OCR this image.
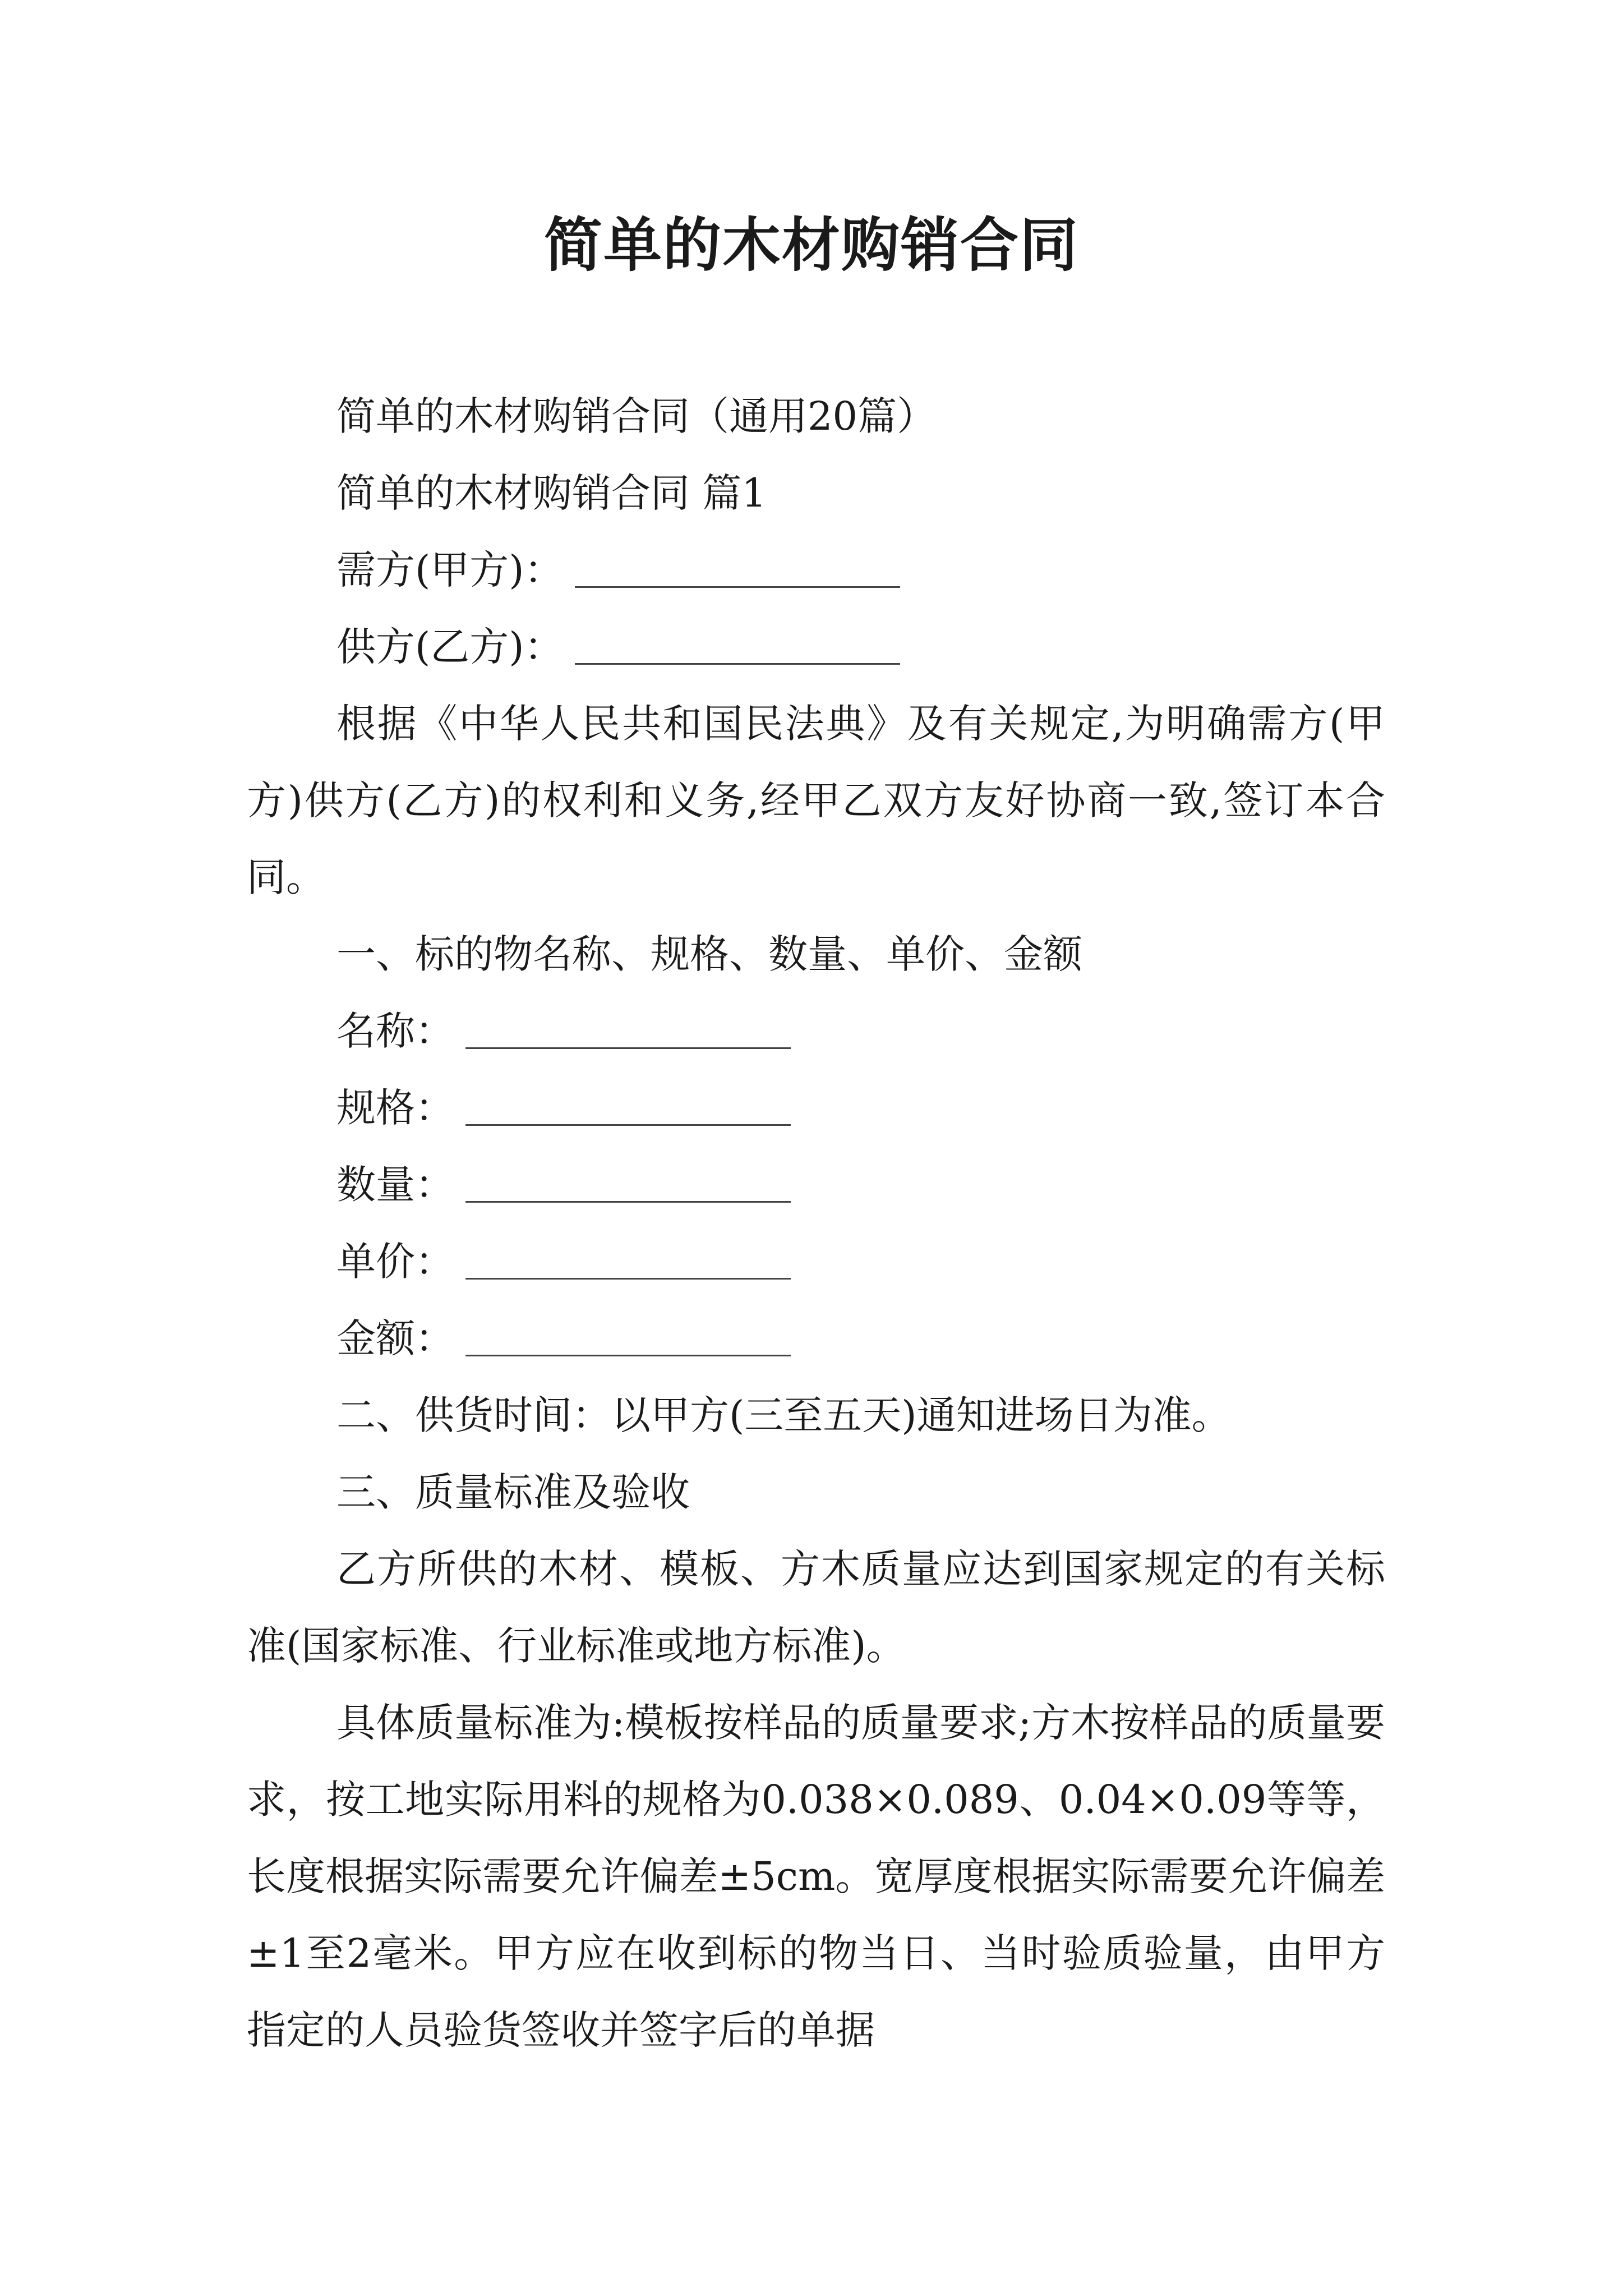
简单的木材购销合同

简单的木材购销合同（通用20篇）

简单的木材购销合同 篇1

需方(甲方)：

供方(乙方)：

根据《中华人民共和国民法典》及有关规定,为明确需方(甲方)供方(乙方)的权利和义务,经甲乙双方友好协商一致,签订本合同。

一、标的物名称、规格、数量、单价、金额

名称：

规格：

数量：

单价：

金额：

二、供货时间：以甲方(三至五天)通知进场日为准。

三、质量标准及验收

乙方所供的木材、模板、方木质量应达到国家规定的有关标准(国家标准、行业标准或地方标准)。

具体质量标准为:模板按样品的质量要求;方木按样品的质量要求，按工地实际用料的规格为0.038×0.089、0.04×0.09等等，长度根据实际需要允许偏差±5cm。宽厚度根据实际需要允许偏差±1至2毫米。甲方应在收到标的物当日、当时验质验量，由甲方指定的人员验货签收并签字后的单据
